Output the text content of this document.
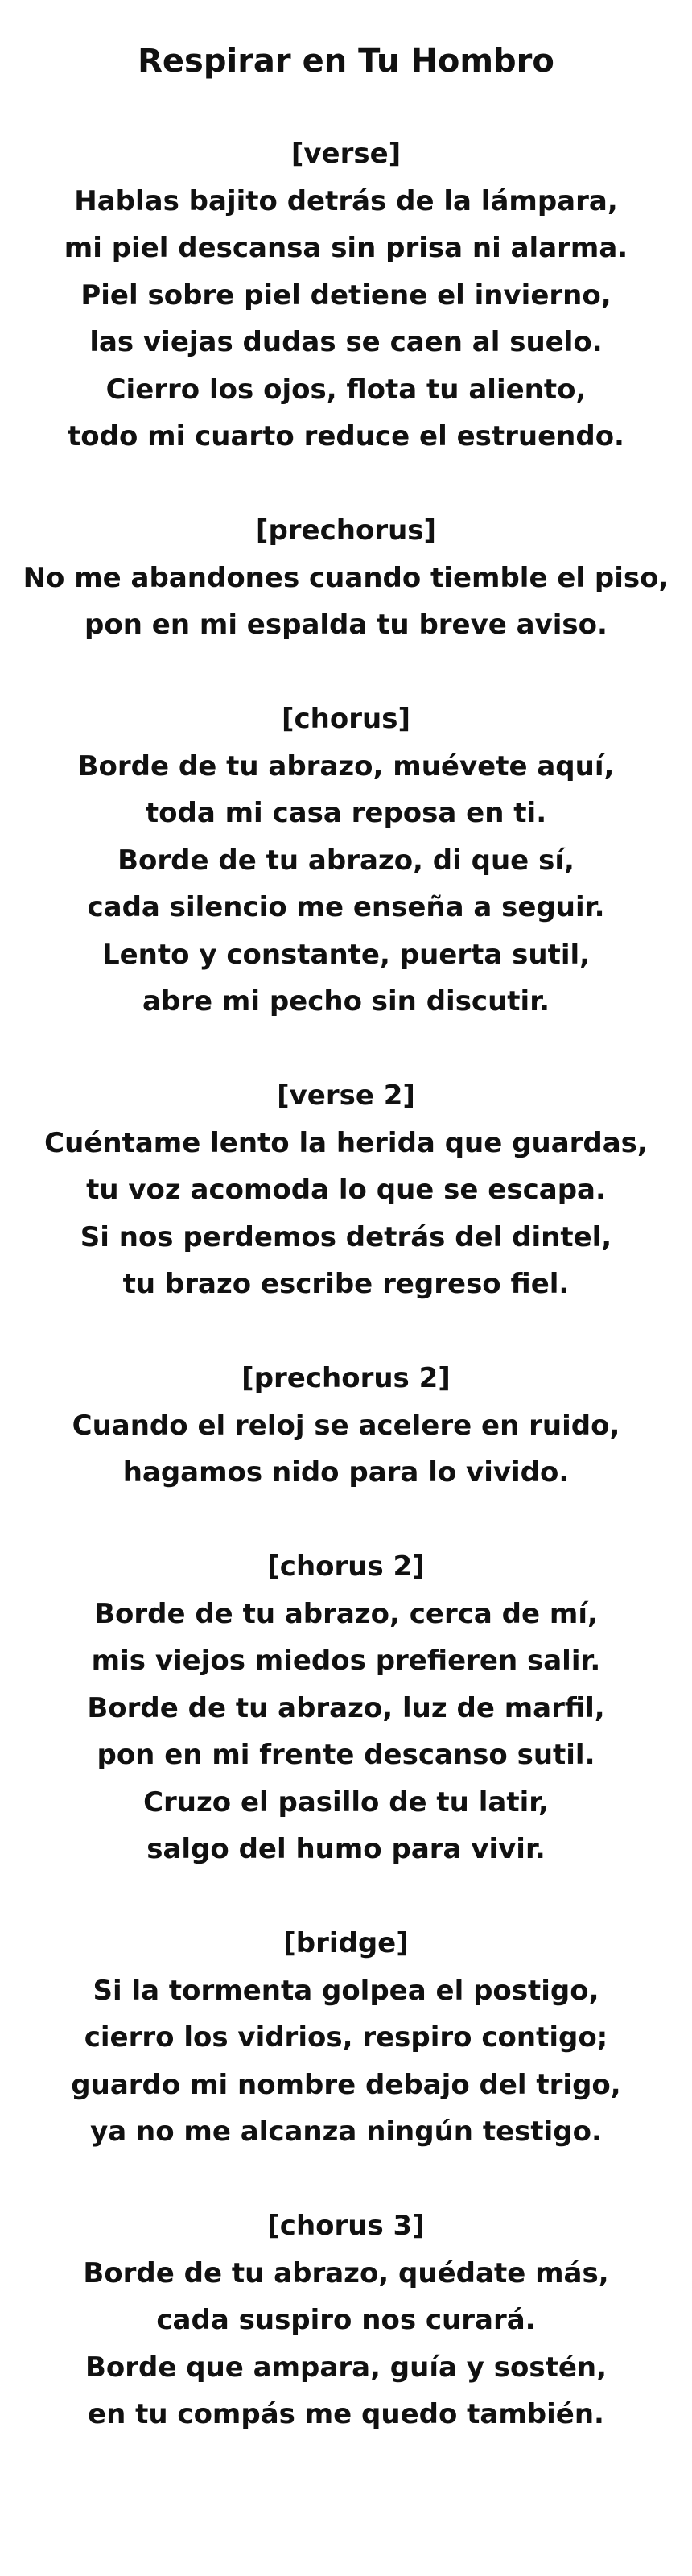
Respirar en Tu Hombro
[verse]
Hablas bajito detrás de la lámpara,
mi piel descansa sin prisa ni alarma.
Piel sobre piel detiene el invierno,
las viejas dudas se caen al suelo.
Cierro los ojos, flota tu aliento,
todo mi cuarto reduce el estruendo.
[prechorus]
No me abandones cuando tiemble el piso,
pon en mi espalda tu breve aviso.
[chorus]
Borde de tu abrazo, muévete aquí,
toda mi casa reposa en ti.
Borde de tu abrazo, di que sí,
cada silencio me enseña a seguir.
Lento y constante, puerta sutil,
abre mi pecho sin discutir.
[verse 2]
Cuéntame lento la herida que guardas,
tu voz acomoda lo que se escapa.
Si nos perdemos detrás del dintel,
tu brazo escribe regreso fiel.
[prechorus 2]
Cuando el reloj se acelere en ruido,
hagamos nido para lo vivido.
[chorus 2]
Borde de tu abrazo, cerca de mí,
mis viejos miedos prefieren salir.
Borde de tu abrazo, luz de marfil,
pon en mi frente descanso sutil.
Cruzo el pasillo de tu latir,
salgo del humo para vivir.
[bridge]
Si la tormenta golpea el postigo,
cierro los vidrios, respiro contigo;
guardo mi nombre debajo del trigo,
ya no me alcanza ningún testigo.
[chorus 3]
Borde de tu abrazo, quédate más,
cada suspiro nos curará.
Borde que ampara, guía y sostén,
en tu compás me quedo también.
